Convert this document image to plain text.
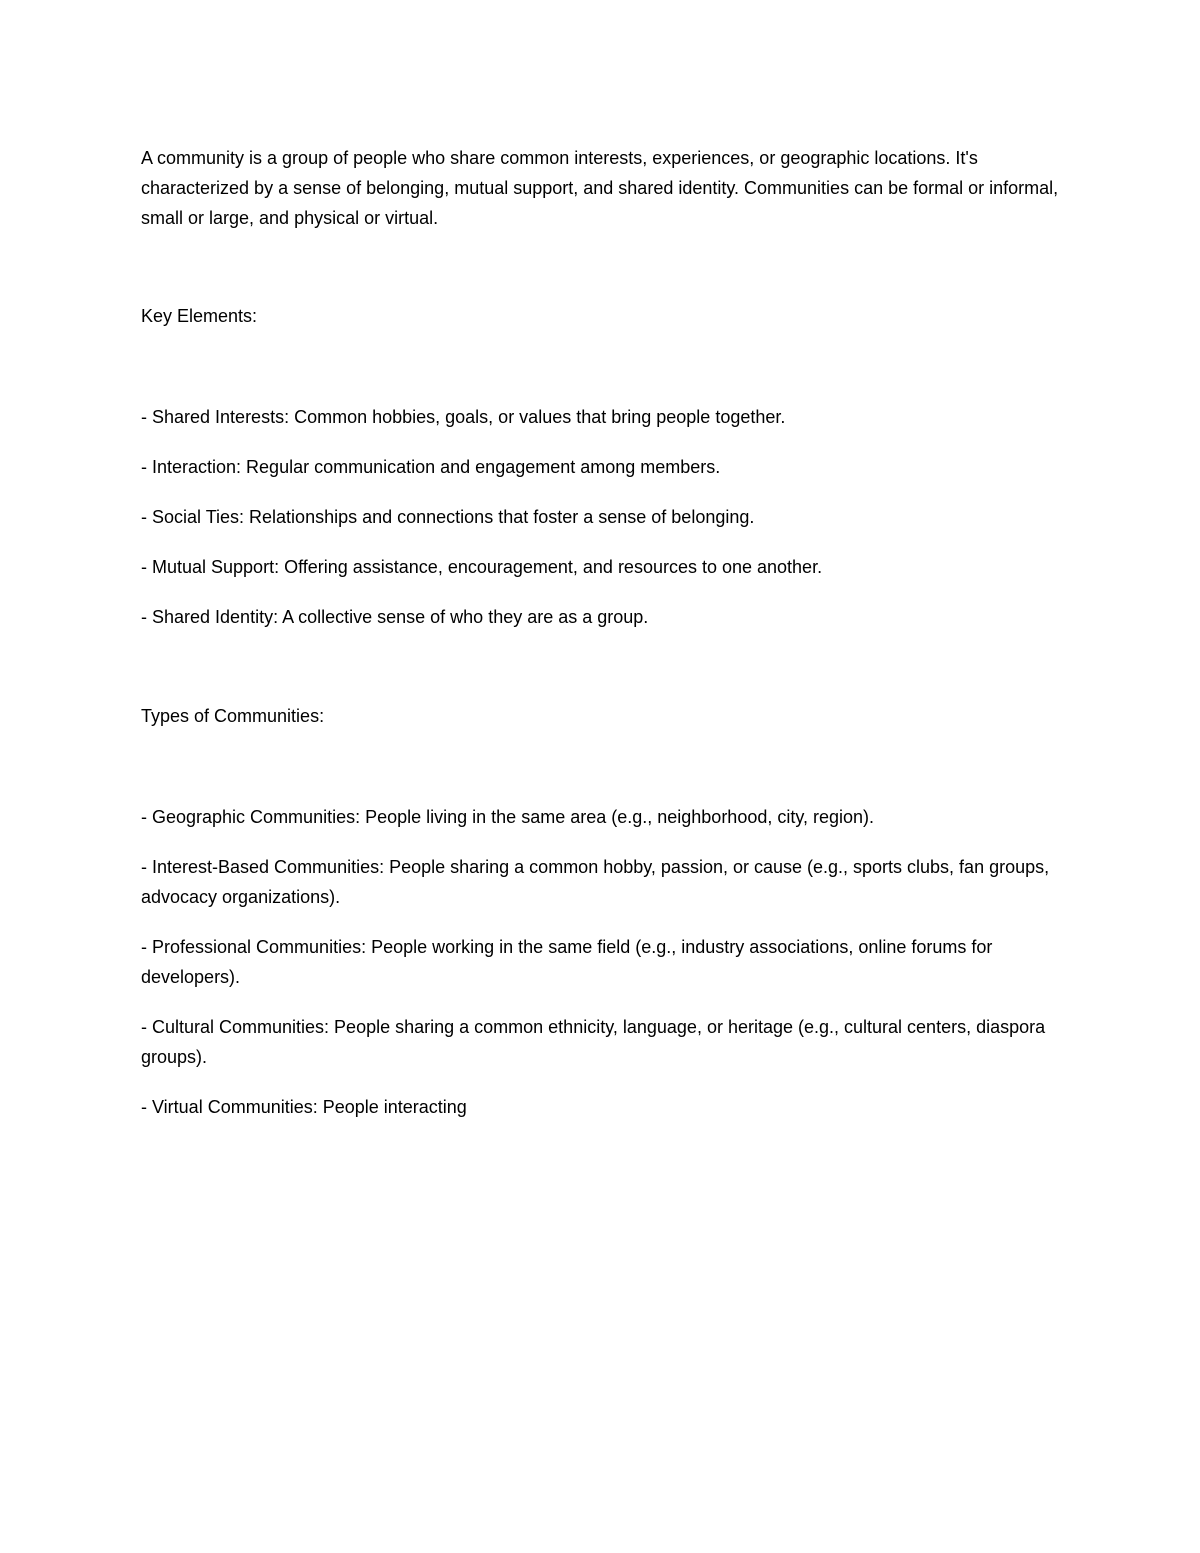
A community is a group of people who share common interests, experiences, or geographic locations. It's characterized by a sense of belonging, mutual support, and shared identity. Communities can be formal or informal, small or large, and physical or virtual.

Key Elements:

- Shared Interests: Common hobbies, goals, or values that bring people together.

- Interaction: Regular communication and engagement among members.

- Social Ties: Relationships and connections that foster a sense of belonging.

- Mutual Support: Offering assistance, encouragement, and resources to one another.

- Shared Identity: A collective sense of who they are as a group.

Types of Communities:

- Geographic Communities: People living in the same area (e.g., neighborhood, city, region).

- Interest-Based Communities: People sharing a common hobby, passion, or cause (e.g., sports clubs, fan groups, advocacy organizations).

- Professional Communities: People working in the same field (e.g., industry associations, online forums for developers).

- Cultural Communities: People sharing a common ethnicity, language, or heritage (e.g., cultural centers, diaspora groups).

- Virtual Communities: People interacting
